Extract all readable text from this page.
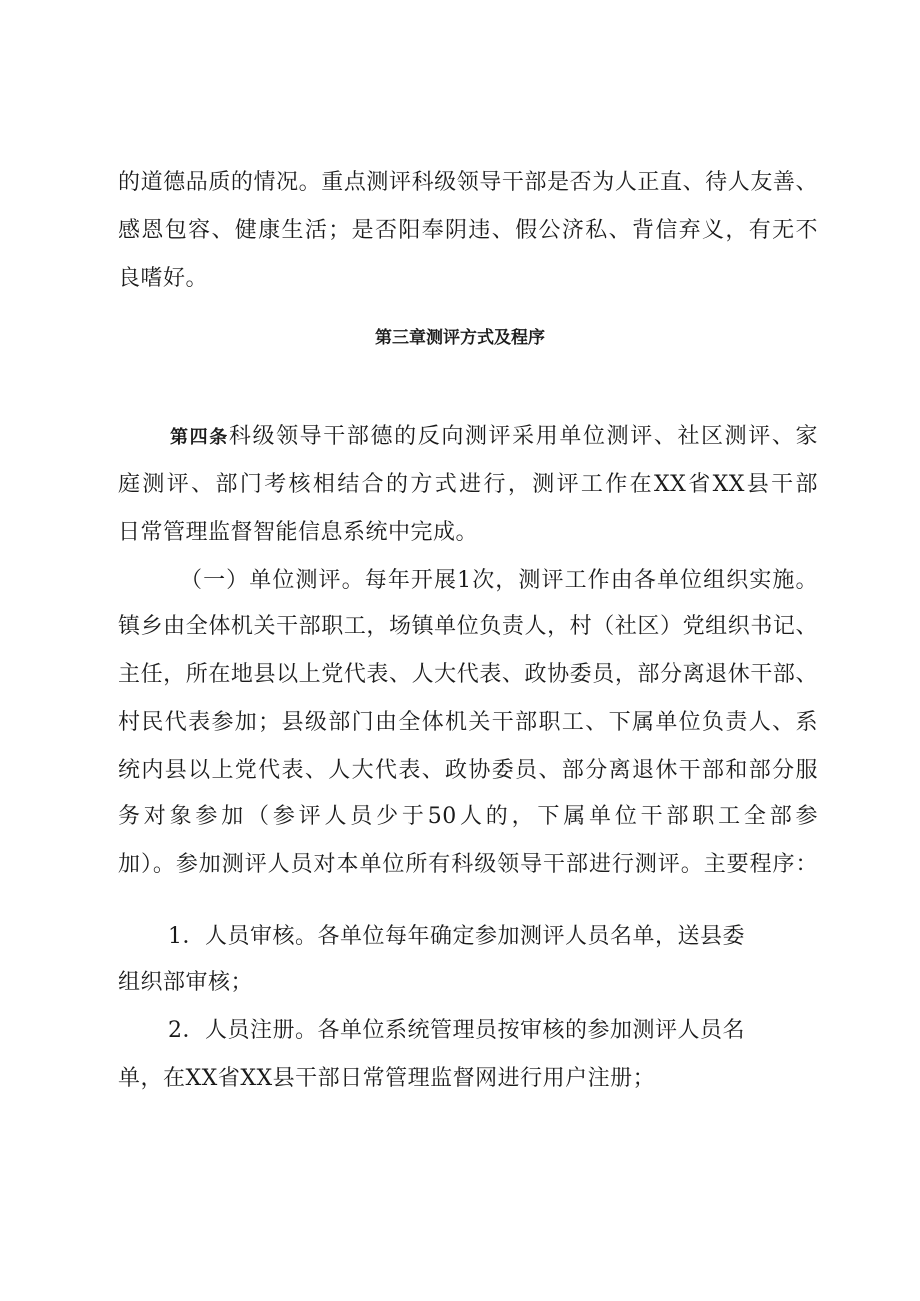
的道德品质的情况。重点测评科级领导干部是否为人正直、待人友善、
感恩包容、健康生活；是否阳奉阴违、假公济私、背信弃义，有无不
良嗜好。
第三章测评方式及程序
第四条科级领导干部德的反向测评采用单位测评、社区测评、家
庭测评、部门考核相结合的方式进行，测评工作在XX省XX县干部
日常管理监督智能信息系统中完成。
（一）单位测评。每年开展1次，测评工作由各单位组织实施。
镇乡由全体机关干部职工，场镇单位负责人，村（社区）党组织书记、
主任，所在地县以上党代表、人大代表、政协委员，部分离退休干部、
村民代表参加；县级部门由全体机关干部职工、下属单位负责人、系
统内县以上党代表、人大代表、政协委员、部分离退休干部和部分服
务对象参加（参评人员少于50人的，下属单位干部职工全部参
加）。参加测评人员对本单位所有科级领导干部进行测评。主要程序：
1．人员审核。各单位每年确定参加测评人员名单，送县委
组织部审核；
2．人员注册。各单位系统管理员按审核的参加测评人员名
单，在XX省XX县干部日常管理监督网进行用户注册；
